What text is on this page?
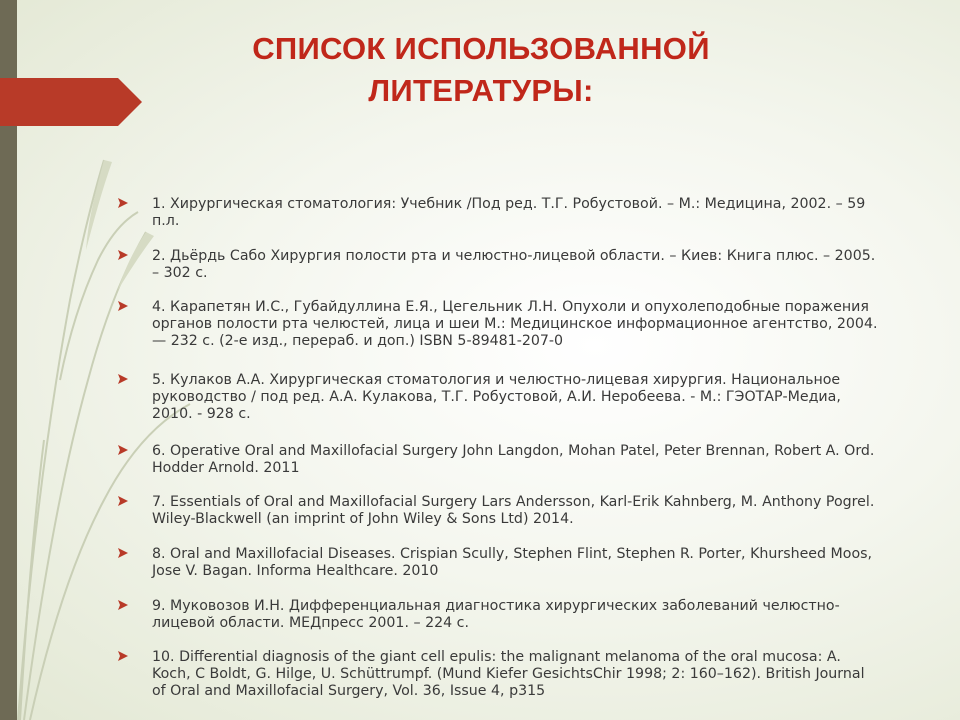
СПИСОК ИСПОЛЬЗОВАННОЙ
ЛИТЕРАТУРЫ:
1. Хирургическая стоматология: Учебник /Под ред. Т.Г. Робустовой. – М.: Медицина, 2002. – 59 п.л.
2. Дьёрдь Сабо Хирургия полости рта и челюстно-лицевой области. – Киев: Книга плюс. – 2005. – 302 с.
4. Карапетян И.С., Губайдуллина Е.Я., Цегельник Л.Н. Опухоли и опухолеподобные поражения органов полости рта челюстей, лица и шеи М.: Медицинское информационное агентство, 2004. — 232 с. (2-е изд., перераб. и доп.) ISBN 5-89481-207-0
5. Кулаков А.А. Хирургическая стоматология и челюстно-лицевая хирургия. Национальное руководство / под ред. А.А. Кулакова, Т.Г. Робустовой, А.И. Неробеева. - М.: ГЭОТАР-Медиа, 2010. - 928 с.
6. Operative Oral and Maxillofacial Surgery John Langdon, Mohan Patel, Peter Brennan, Robert A. Ord. Hodder Arnold. 2011
7. Essentials of Oral and Maxillofacial Surgery Lars Andersson, Karl-Erik Kahnberg, M. Anthony Pogrel. Wiley-Blackwell (an imprint of John Wiley & Sons Ltd) 2014.
8. Oral and Maxillofacial Diseases. Crispian Scully, Stephen Flint, Stephen R. Porter, Khursheed Moos, Jose V. Bagan. Informa Healthcare. 2010
9. Муковозов И.Н. Дифференциальная диагностика хирургических заболеваний челюстно-лицевой области. МЕДпресс 2001. – 224 с.
10. Differential diagnosis of the giant cell epulis: the malignant melanoma of the oral mucosa: A. Koch, C Boldt, G. Hilge, U. Schüttrumpf. (Mund Kiefer GesichtsChir 1998; 2: 160–162). British Journal of Oral and Maxillofacial Surgery, Vol. 36, Issue 4, p315
